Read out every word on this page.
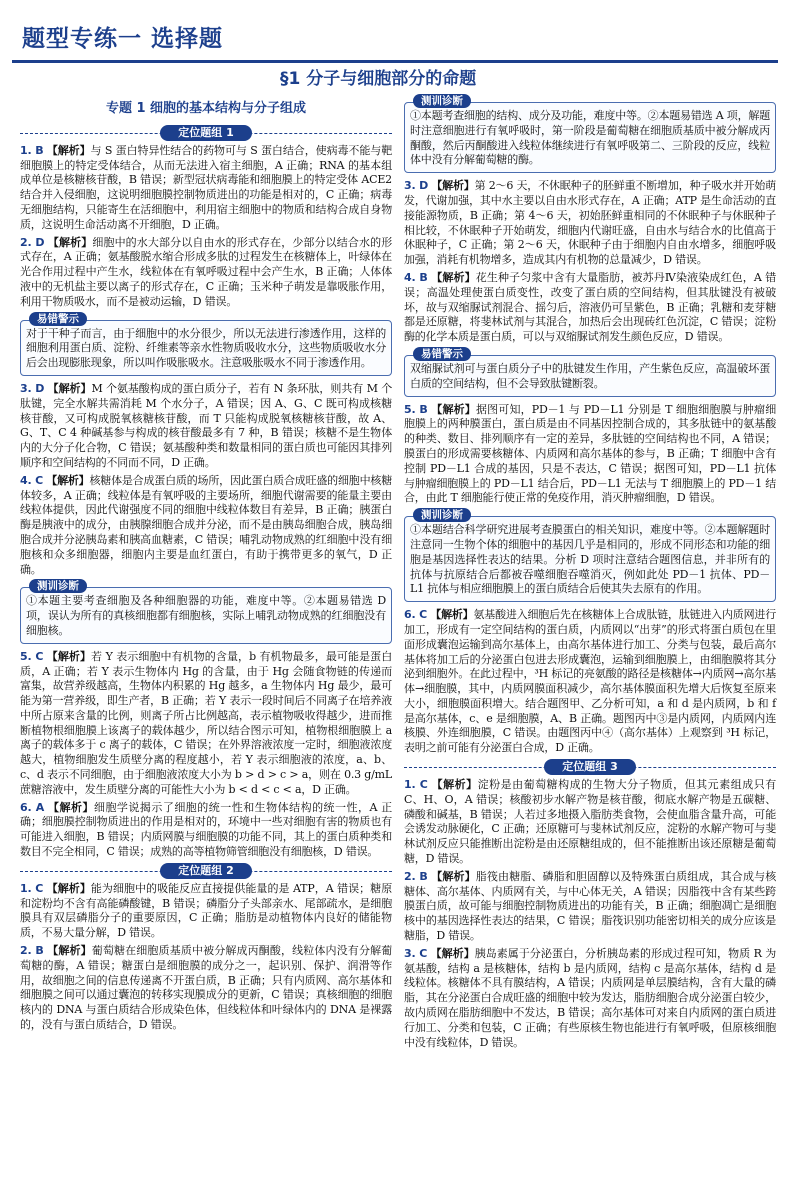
题型专练一 选择题
§1 分子与细胞部分的命题
专题 1 细胞的基本结构与分子组成
定位题组 1
1. B 【解析】与 S 蛋白特异性结合的药物可与 S 蛋白结合，使病毒不能与靶细胞膜上的特定受体结合，从而无法进入宿主细胞，A 正确；RNA 的基本组成单位是核糖核苷酸，B 错误；新型冠状病毒能和细胞膜上的特定受体 ACE2 结合并入侵细胞，这说明细胞膜控制物质进出的功能是相对的，C 正确；病毒无细胞结构，只能寄生在活细胞中，利用宿主细胞中的物质和结构合成自身物质，这说明生命活动离不开细胞，D 正确。
2. D 【解析】细胞中的水大部分以自由水的形式存在，少部分以结合水的形式存在，A 正确；氨基酸脱水缩合形成多肽的过程发生在核糖体上，叶绿体在光合作用过程中产生水，线粒体在有氧呼吸过程中会产生水，B 正确；人体体液中的无机盐主要以离子的形式存在，C 正确；玉米种子萌发是靠吸胀作用，利用干物质吸水，而不是被动运输，D 错误。
易错警示

对于干种子而言，由于细胞中的水分很少，所以无法进行渗透作用，这样的细胞利用蛋白质、淀粉、纤维素等亲水性物质吸收水分，这些物质吸收水分后会出现膨胀现象，所以叫作吸胀吸水。注意吸胀吸水不同于渗透作用。

3. D 【解析】M 个氨基酸构成的蛋白质分子，若有 N 条环肽，则共有 M 个肽键，完全水解共需消耗 M 个水分子，A 错误；因 A、G、C 既可构成核糖核苷酸，又可构成脱氧核糖核苷酸，而 T 只能构成脱氧核糖核苷酸，故 A、G、T、C 4 种碱基参与构成的核苷酸最多有 7 种，B 错误；核糖不是生物体内的大分子化合物，C 错误；氨基酸种类和数量相同的蛋白质也可能因其排列顺序和空间结构的不同而不同，D 正确。
4. C 【解析】核糖体是合成蛋白质的场所，因此蛋白质合成旺盛的细胞中核糖体较多，A 正确；线粒体是有氧呼吸的主要场所，细胞代谢需要的能量主要由线粒体提供，因此代谢强度不同的细胞中线粒体数目有差异，B 正确；胰蛋白酶是胰液中的成分，由胰腺细胞合成并分泌，而不是由胰岛细胞合成，胰岛细胞合成并分泌胰岛素和胰高血糖素，C 错误；哺乳动物成熟的红细胞中没有细胞核和众多细胞器，细胞内主要是血红蛋白，有助于携带更多的氧气，D 正确。
测训诊断

①本题主要考查细胞及各种细胞器的功能，难度中等。②本题易错选 D 项，误认为所有的真核细胞都有细胞核，实际上哺乳动物成熟的红细胞没有细胞核。

5. C 【解析】若 Y 表示细胞中有机物的含量，b 有机物最多，最可能是蛋白质，A 正确；若 Y 表示生物体内 Hg 的含量，由于 Hg 会随食物链的传递而富集，故营养级越高，生物体内积累的 Hg 越多，a 生物体内 Hg 最少，最可能为第一营养级，即生产者，B 正确；若 Y 表示一段时间后不同离子在培养液中所占原来含量的比例，则离子所占比例越高，表示植物吸收得越少，进而推断植物根细胞膜上该离子的载体越少，所以结合图示可知，植物根细胞膜上 a 离子的载体多于 c 离子的载体，C 错误；在外界溶液浓度一定时，细胞液浓度越大，植物细胞发生质壁分离的程度越小，若 Y 表示细胞液的浓度，a、b、c、d 表示不同细胞，由于细胞液浓度大小为 b > d > c > a，则在 0.3 g/mL 蔗糖溶液中，发生质壁分离的可能性大小为 b < d < c < a，D 正确。
6. A 【解析】细胞学说揭示了细胞的统一性和生物体结构的统一性，A 正确；细胞膜控制物质进出的作用是相对的，环境中一些对细胞有害的物质也有可能进入细胞，B 错误；内质网膜与细胞膜的功能不同，其上的蛋白质种类和数目不完全相同，C 错误；成熟的高等植物筛管细胞没有细胞核，D 错误。
定位题组 2
1. C 【解析】能为细胞中的吸能反应直接提供能量的是 ATP，A 错误；糖原和淀粉均不含有高能磷酸键，B 错误；磷脂分子头部亲水、尾部疏水，是细胞膜具有双层磷脂分子的重要原因，C 正确；脂肪是动植物体内良好的储能物质，不易大量分解，D 错误。
2. B 【解析】葡萄糖在细胞质基质中被分解成丙酮酸，线粒体内没有分解葡萄糖的酶，A 错误；糖蛋白是细胞膜的成分之一，起识别、保护、润滑等作用，故细胞之间的信息传递离不开蛋白质，B 正确；只有内质网、高尔基体和细胞膜之间可以通过囊泡的转移实现膜成分的更新，C 错误；真核细胞的细胞核内的 DNA 与蛋白质结合形成染色体，但线粒体和叶绿体内的 DNA 是裸露的，没有与蛋白质结合，D 错误。
测训诊断

①本题考查细胞的结构、成分及功能，难度中等。②本题易错选 A 项，解题时注意细胞进行有氧呼吸时，第一阶段是葡萄糖在细胞质基质中被分解成丙酮酸，然后丙酮酸进入线粒体继续进行有氧呼吸第二、三阶段的反应，线粒体中没有分解葡萄糖的酶。

3. D 【解析】第 2～6 天，不休眠种子的胚鲜重不断增加，种子吸水并开始萌发，代谢加强，其中水主要以自由水形式存在，A 正确；ATP 是生命活动的直接能源物质，B 正确；第 4～6 天，初始胚鲜重相同的不休眠种子与休眠种子相比较，不休眠种子开始萌发，细胞内代谢旺盛，自由水与结合水的比值高于休眠种子，C 正确；第 2～6 天，休眠种子由于细胞内自由水增多，细胞呼吸加强，消耗有机物增多，造成其内有机物的总量减少，D 错误。
4. B 【解析】花生种子匀浆中含有大量脂肪，被苏丹Ⅳ染液染成红色，A 错误；高温处理使蛋白质变性，改变了蛋白质的空间结构，但其肽键没有被破坏，故与双缩脲试剂混合、摇匀后，溶液仍可呈紫色，B 正确；乳糖和麦芽糖都是还原糖，将斐林试剂与其混合，加热后会出现砖红色沉淀，C 错误；淀粉酶的化学本质是蛋白质，可以与双缩脲试剂发生颜色反应，D 错误。
易错警示

双缩脲试剂可与蛋白质分子中的肽键发生作用，产生紫色反应，高温破坏蛋白质的空间结构，但不会导致肽键断裂。

5. B 【解析】据图可知，PD－1 与 PD－L1 分别是 T 细胞细胞膜与肿瘤细胞膜上的两种膜蛋白，蛋白质是由不同基因控制合成的，其多肽链中的氨基酸的种类、数目、排列顺序有一定的差异，多肽链的空间结构也不同，A 错误；膜蛋白的形成需要核糖体、内质网和高尔基体的参与，B 正确；T 细胞中含有控制 PD－L1 合成的基因，只是不表达，C 错误；据图可知，PD－L1 抗体与肿瘤细胞膜上的 PD－L1 结合后，PD－L1 无法与 T 细胞膜上的 PD－1 结合，由此 T 细胞能行使正常的免疫作用，消灭肿瘤细胞，D 错误。
测训诊断

①本题结合科学研究进展考查膜蛋白的相关知识，难度中等。②本题解题时注意同一生物个体的细胞中的基因几乎是相同的，形成不同形态和功能的细胞是基因选择性表达的结果。分析 D 项时注意结合题图信息，并非所有的抗体与抗原结合后都被吞噬细胞吞噬消灭，例如此处 PD－1 抗体、PD－L1 抗体与相应细胞膜上的蛋白质结合后使其失去原有的作用。

6. C 【解析】氨基酸进入细胞后先在核糖体上合成肽链，肽链进入内质网进行加工，形成有一定空间结构的蛋白质，内质网以“出芽”的形式将蛋白质包在里面形成囊泡运输到高尔基体上，由高尔基体进行加工、分类与包装，最后高尔基体将加工后的分泌蛋白包进去形成囊泡，运输到细胞膜上，由细胞膜将其分泌到细胞外。在此过程中，³H 标记的亮氨酸的路径是核糖体→内质网→高尔基体→细胞膜，其中，内质网膜面积减少，高尔基体膜面积先增大后恢复至原来大小，细胞膜面积增大。结合题图甲、乙分析可知，a 和 d 是内质网，b 和 f 是高尔基体，c、e 是细胞膜，A、B 正确。题图丙中③是内质网，内质网内连核膜、外连细胞膜，C 错误。由题图丙中④（高尔基体）上观察到 ³H 标记，表明之前可能有分泌蛋白合成，D 正确。
定位题组 3
1. C 【解析】淀粉是由葡萄糖构成的生物大分子物质，但其元素组成只有 C、H、O，A 错误；核酸初步水解产物是核苷酸，彻底水解产物是五碳糖、磷酸和碱基，B 错误；人若过多地摄入脂肪类食物，会使血脂含量升高，可能会诱发动脉硬化，C 正确；还原糖可与斐林试剂反应，淀粉的水解产物可与斐林试剂反应只能推断出淀粉是由还原糖组成的，但不能推断出该还原糖是葡萄糖，D 错误。
2. B 【解析】脂筏由糖脂、磷脂和胆固醇以及特殊蛋白质组成，其合成与核糖体、高尔基体、内质网有关，与中心体无关，A 错误；因脂筏中含有某些跨膜蛋白质，故可能与细胞控制物质进出的功能有关，B 正确；细胞凋亡是细胞核中的基因选择性表达的结果，C 错误；脂筏识别功能密切相关的成分应该是糖脂，D 错误。
3. C 【解析】胰岛素属于分泌蛋白，分析胰岛素的形成过程可知，物质 R 为氨基酸，结构 a 是核糖体，结构 b 是内质网，结构 c 是高尔基体，结构 d 是线粒体。核糖体不具有膜结构，A 错误；内质网是单层膜结构，含有大量的磷脂，其在分泌蛋白合成旺盛的细胞中较为发达，脂肪细胞合成分泌蛋白较少，故内质网在脂肪细胞中不发达，B 错误；高尔基体可对来自内质网的蛋白质进行加工、分类和包装，C 正确；有些原核生物也能进行有氧呼吸，但原核细胞中没有线粒体，D 错误。
